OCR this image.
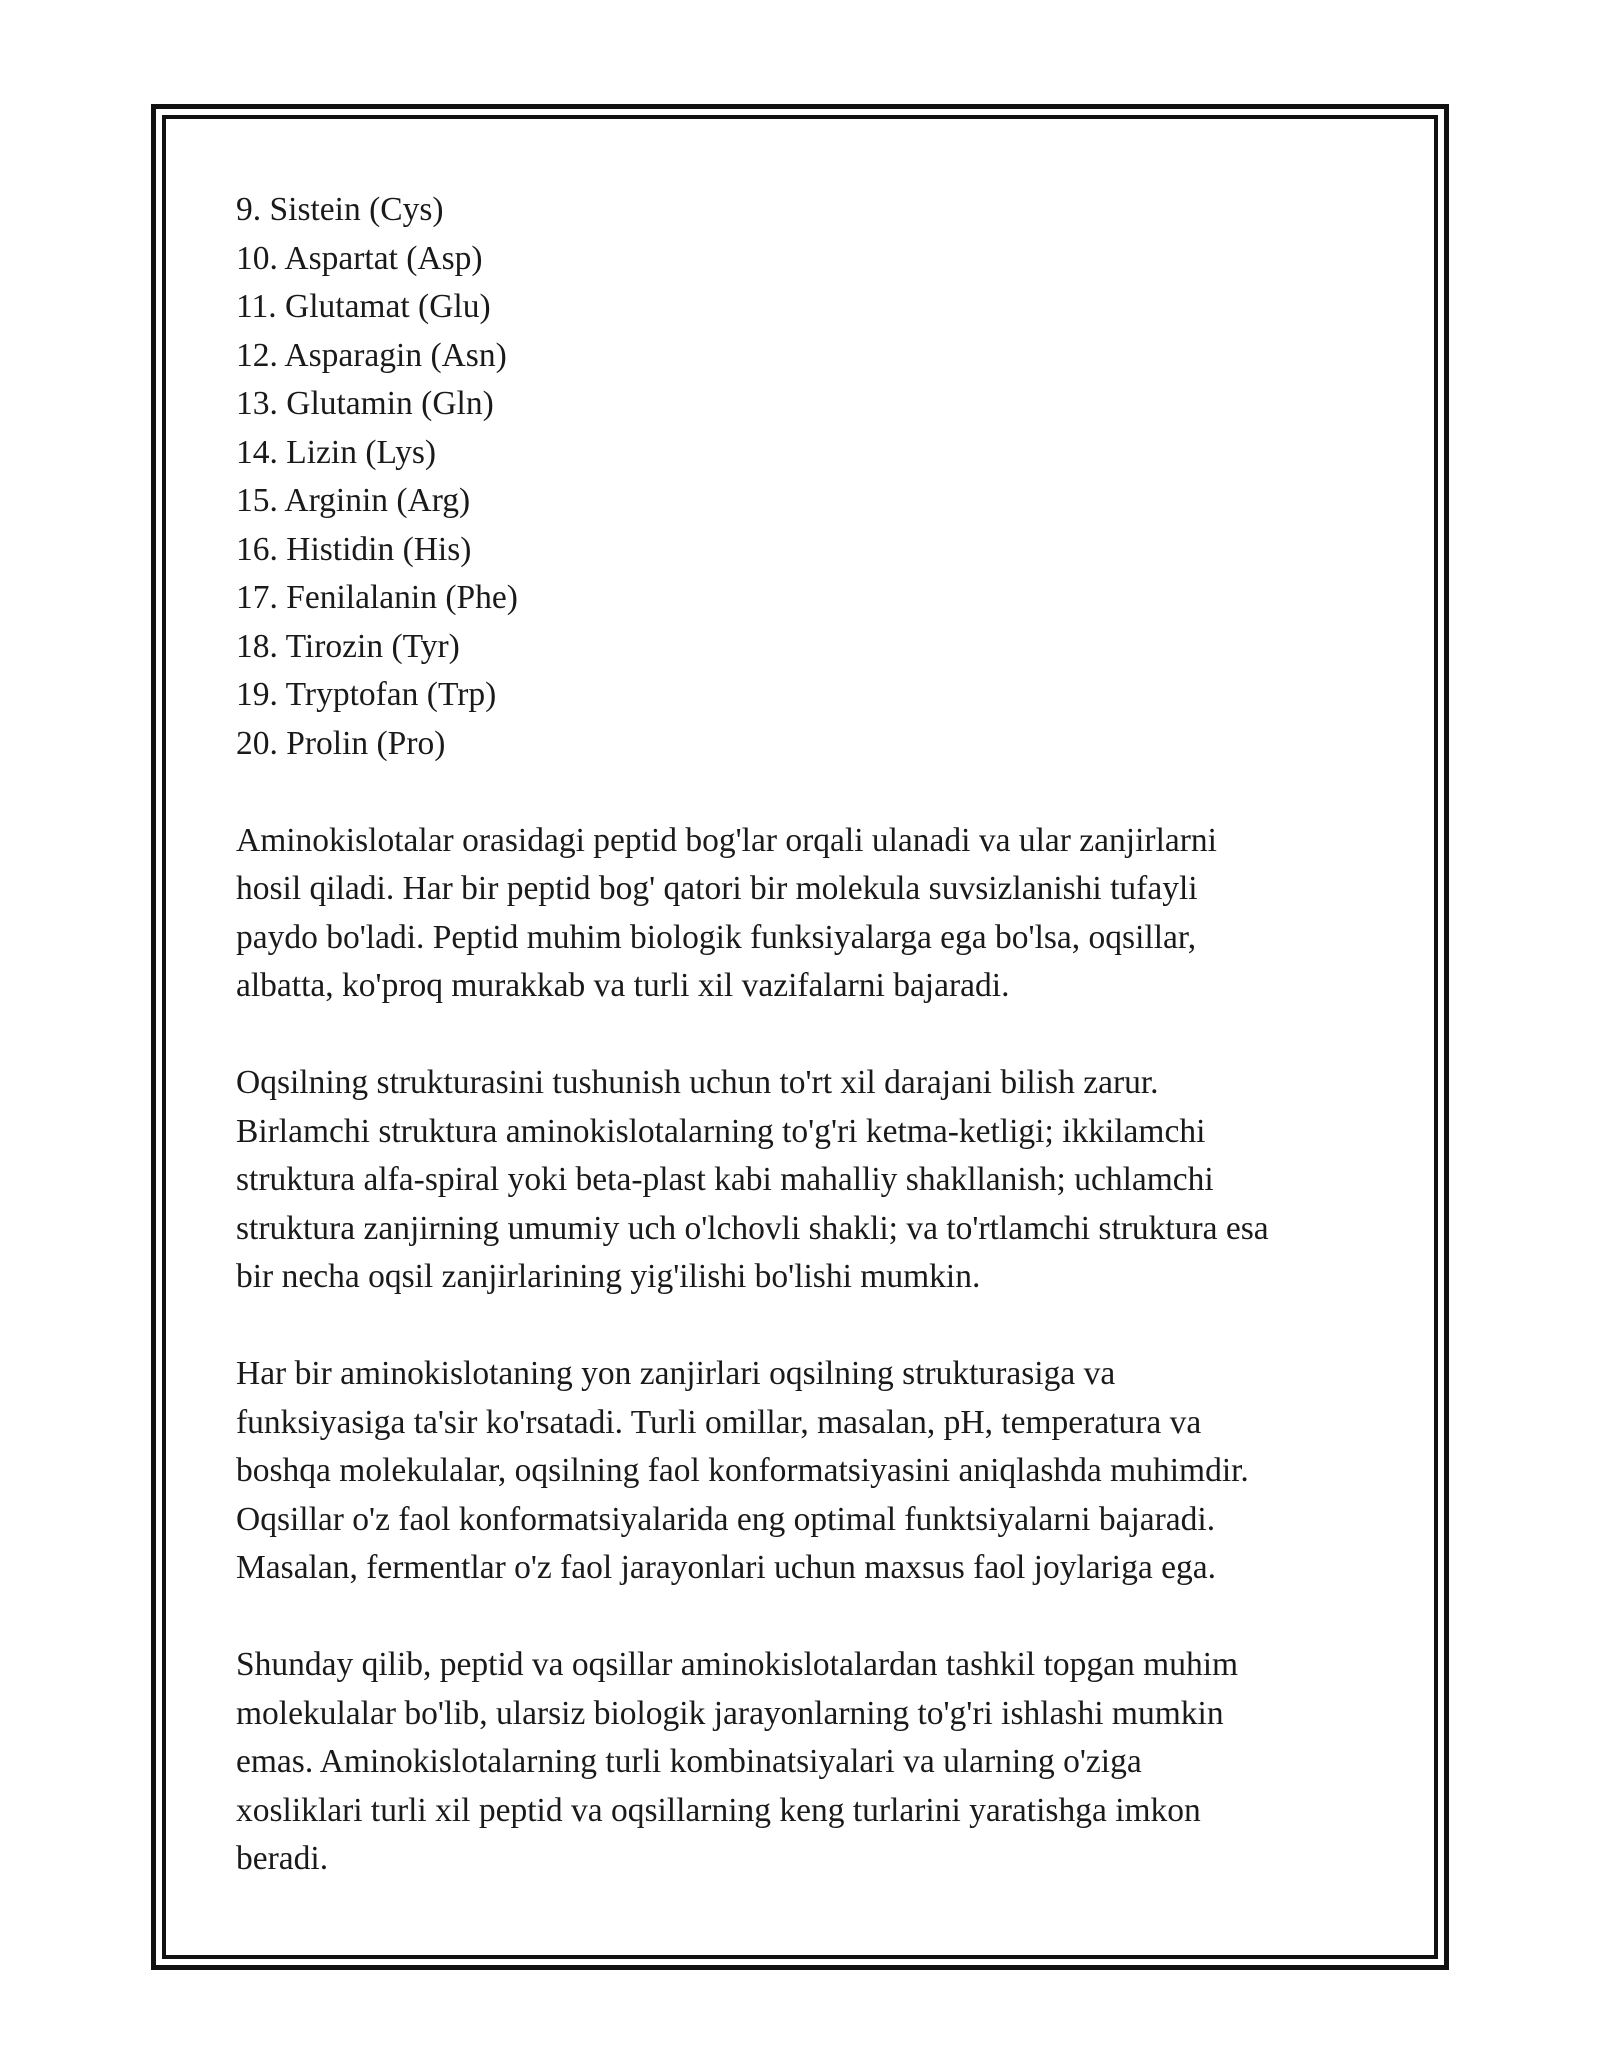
9. Sistein (Cys)
10. Aspartat (Asp)
11. Glutamat (Glu)
12. Asparagin (Asn)
13. Glutamin (Gln)
14. Lizin (Lys)
15. Arginin (Arg)
16. Histidin (His)
17. Fenilalanin (Phe)
18. Tirozin (Tyr)
19. Tryptofan (Trp)
20. Prolin (Pro)

Aminokislotalar orasidagi peptid bog'lar orqali ulanadi va ular zanjirlarni
hosil qiladi. Har bir peptid bog' qatori bir molekula suvsizlanishi tufayli
paydo bo'ladi. Peptid muhim biologik funksiyalarga ega bo'lsa, oqsillar,
albatta, ko'proq murakkab va turli xil vazifalarni bajaradi.

Oqsilning strukturasini tushunish uchun to'rt xil darajani bilish zarur.
Birlamchi struktura aminokislotalarning to'g'ri ketma-ketligi; ikkilamchi
struktura alfa-spiral yoki beta-plast kabi mahalliy shakllanish; uchlamchi
struktura zanjirning umumiy uch o'lchovli shakli; va to'rtlamchi struktura esa
bir necha oqsil zanjirlarining yig'ilishi bo'lishi mumkin.

Har bir aminokislotaning yon zanjirlari oqsilning strukturasiga va
funksiyasiga ta'sir ko'rsatadi. Turli omillar, masalan, pH, temperatura va
boshqa molekulalar, oqsilning faol konformatsiyasini aniqlashda muhimdir.
Oqsillar o'z faol konformatsiyalarida eng optimal funktsiyalarni bajaradi.
Masalan, fermentlar o'z faol jarayonlari uchun maxsus faol joylariga ega.

Shunday qilib, peptid va oqsillar aminokislotalardan tashkil topgan muhim
molekulalar bo'lib, ularsiz biologik jarayonlarning to'g'ri ishlashi mumkin
emas. Aminokislotalarning turli kombinatsiyalari va ularning o'ziga
xosliklari turli xil peptid va oqsillarning keng turlarini yaratishga imkon
beradi.
